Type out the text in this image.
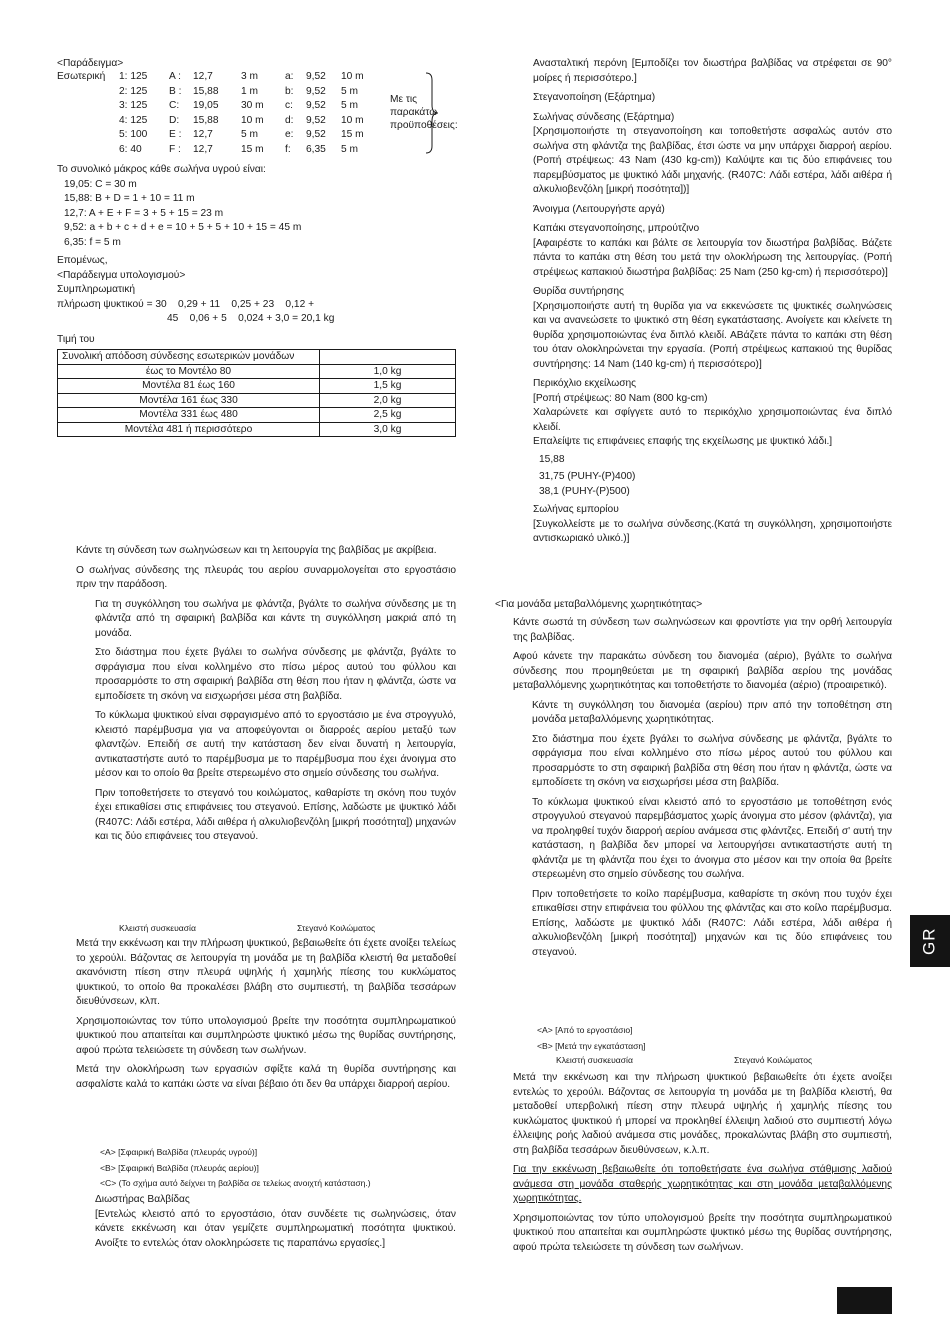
<Παράδειγμα>
Εσωτερική 1: 125 A : 12,7	3 m	a: 9,52 10 m
2: 125 B : 15,88 1 m	b: 9,52 5 m
3: 125 C: 19,05 30 m c: 9,52 5 m
4: 125 D: 15,88 10 m d: 9,52 10 m
5: 100 E : 12,7	5 m	e: 9,52 15 m
6: 40	F : 12,7	15 m f: 6,35 5 m
Με τις
παρακάτω
προϋποθέσεις:
Το συνολικό μάκρος κάθε σωλήνα υγρού είναι:
19,05: C = 30 m
15,88: B + D = 1 + 10 = 11 m
12,7: A + E + F = 3 + 5 + 15 = 23 m
9,52: a + b + c + d + e = 10 + 5 + 5 + 10 + 15 = 45 m
6,35: f = 5 m
Επομένως,
<Παράδειγμα υπολογισμού>
Συμπληρωματική
πλήρωση ψυκτικού = 30    0,29 + 11    0,25 + 23    0,12 +
45    0,06 + 5    0,024 + 3,0 = 20,1 kg
Τιμή του
Συνολική απόδοση σύνδεσης εσωτερικών μονάδων	
έως το Μοντέλο 80	1,0 kg
Μοντέλα 81 έως 160	1,5 kg
Μοντέλα 161 έως 330	2,0 kg
Μοντέλα 331 έως 480	2,5 kg
Μοντέλα 481 ή περισσότερο	3,0 kg

Κάντε τη σύνδεση των σωληνώσεων και τη λειτουργία της βαλβίδας με ακρίβεια.

Ο σωλήνας σύνδεσης της πλευράς του αερίου συναρμολογείται στο εργοστάσιο πριν την παράδοση.

Για τη συγκόλληση του σωλήνα με φλάντζα, βγάλτε το σωλήνα σύνδεσης με τη φλάντζα από τη σφαιρική βαλβίδα και κάντε τη συγκόλληση μακριά από τη μονάδα.

Στο διάστημα που έχετε βγάλει το σωλήνα σύνδεσης με φλάντζα, βγάλτε το σφράγισμα που είναι κολλημένο στο πίσω μέρος αυτού του φύλλου και προσαρμόστε το στη σφαιρική βαλβίδα στη θέση που ήταν η φλάντζα, ώστε να εμποδίσετε τη σκόνη να εισχωρήσει μέσα στη βαλβίδα.

Το κύκλωμα ψυκτικού είναι σφραγισμένο από το εργοστάσιο με ένα στρογγυλό, κλειστό παρέμβυσμα για να αποφεύγονται οι διαρροές αερίου μεταξύ των φλαντζών. Επειδή σε αυτή την κατάσταση δεν είναι δυνατή η λειτουργία, αντικαταστήστε αυτό το παρέμβυσμα με το παρέμβυσμα που έχει άνοιγμα στο μέσον και το οποίο θα βρείτε στερεωμένο στο σημείο σύνδεσης του σωλήνα.

Πριν τοποθετήσετε το στεγανό του κοιλώματος, καθαρίστε τη σκόνη που τυχόν έχει επικαθίσει στις επιφάνειες του στεγανού. Επίσης, λαδώστε με ψυκτικό λάδι (R407C: Λάδι εστέρα, λάδι αιθέρα ή αλκυλιοβενζόλη [μικρή ποσότητα]) μηχανών και τις δύο επιφάνειες του στεγανού.

Κλειστή συσκευασία	Στεγανό Κοιλώματος

Μετά την εκκένωση και την πλήρωση ψυκτικού, βεβαιωθείτε ότι έχετε ανοίξει τελείως το χερούλι. Βάζοντας σε λειτουργία τη μονάδα με τη βαλβίδα κλειστή θα μεταδοθεί ακανόνιστη πίεση στην πλευρά υψηλής ή χαμηλής πίεσης του κυκλώματος ψυκτικού, το οποίο θα προκαλέσει βλάβη στο συμπιεστή, τη βαλβίδα τεσσάρων διευθύνσεων, κλπ.

Χρησιμοποιώντας τον τύπο υπολογισμού βρείτε την ποσότητα συμπληρωματικού ψυκτικού που απαιτείται και συμπληρώστε ψυκτικό μέσω της θυρίδας συντήρησης, αφού πρώτα τελειώσετε τη σύνδεση των σωλήνων.

Μετά την ολοκλήρωση των εργασιών σφίξτε καλά τη θυρίδα συντήρησης και ασφαλίστε καλά το καπάκι ώστε να είναι βέβαιο ότι δεν θα υπάρχει διαρροή αερίου.

<A> [Σφαιρική Βαλβίδα (πλευράς υγρού)]
<B> [Σφαιρική Βαλβίδα (πλευράς αερίου)]
<C> (Το σχήμα αυτό δείχνει τη βαλβίδα σε τελείως ανοιχτή κατάσταση.)
Διωστήρας Βαλβίδας

[Εντελώς κλειστό από το εργοστάσιο, όταν συνδέετε τις σωληνώσεις, όταν κάνετε εκκένωση και όταν γεμίζετε συμπληρωματική ποσότητα ψυκτικού. Ανοίξτε το εντελώς όταν ολοκληρώσετε τις παραπάνω εργασίες.]

Ανασταλτική περόνη [Εμποδίζει τον διωστήρα βαλβίδας να στρέφεται σε 90° μοίρες ή περισσότερο.]

Στεγανοποίηση (Εξάρτημα)
Σωλήνας σύνδεσης (Εξάρτημα)

[Χρησιμοποιήστε τη στεγανοποίηση και τοποθετήστε ασφαλώς αυτόν στο σωλήνα στη φλάντζα της βαλβίδας, έτσι ώστε να μην υπάρχει διαρροή αερίου. (Ροπή στρέψεως: 43 Nam (430 kg-cm)) Καλύψτε και τις δύο επιφάνειες του παρεμβύσματος με ψυκτικό λάδι μηχανής. (R407C: Λάδι εστέρα, λάδι αιθέρα ή αλκυλιοβενζόλη [μικρή ποσότητα])]

Άνοιγμα (Λειτουργήστε αργά)
Καπάκι στεγανοποίησης, μπρούτζινο

[Αφαιρέστε το καπάκι και βάλτε σε λειτουργία τον διωστήρα βαλβίδας. Βάζετε πάντα το καπάκι στη θέση του μετά την ολοκλήρωση της λειτουργίας. (Ροπή στρέψεως καπακιού διωστήρα βαλβίδας: 25 Nam (250 kg-cm) ή περισσότερο)]

Θυρίδα συντήρησης

[Χρησιμοποιήστε αυτή τη θυρίδα για να εκκενώσετε τις ψυκτικές σωληνώσεις και να ανανεώσετε το ψυκτικό στη θέση εγκατάστασης. Ανοίγετε και κλείνετε τη θυρίδα χρησιμοποιώντας ένα διπλό κλειδί. ΑΒάζετε πάντα το καπάκι στη θέση του όταν ολοκληρώνεται την εργασία. (Ροπή στρέψεως καπακιού της θυρίδας συντήρησης: 14 Nam (140 kg-cm) ή περισσότερο)]

Περικόχλιο εκχείλωσης
[Ροπή στρέψεως: 80 Nam (800 kg-cm)

Χαλαρώνετε και σφίγγετε αυτό το περικόχλιο χρησιμοποιώντας ένα διπλό κλειδί.

Επαλείψτε τις επιφάνειες επαφής της εκχείλωσης με ψυκτικό λάδι.]
15,88
31,75 (PUHY-(P)400)
38,1 (PUHY-(P)500)
Σωλήνας εμπορίου

[Συγκολλείστε με το σωλήνα σύνδεσης.(Κατά τη συγκόλληση, χρησιμοποιήστε αντισκωριακό υλικό.)]

<Για μονάδα μεταβαλλόμενης χωρητικότητας>

Κάντε σωστά τη σύνδεση των σωληνώσεων και φροντίστε για την ορθή λειτουργία της βαλβίδας.

Αφού κάνετε την παρακάτω σύνδεση του διανομέα (αέριο), βγάλτε το σωλήνα σύνδεσης που προμηθεύεται με τη σφαιρική βαλβίδα αερίου της μονάδας μεταβαλλόμενης χωρητικότητας και τοποθετήστε το διανομέα (αέριο) (προαιρετικό).

Κάντε τη συγκόλληση του διανομέα (αερίου) πριν από την τοποθέτηση στη μονάδα μεταβαλλόμενης χωρητικότητας.

Στο διάστημα που έχετε βγάλει το σωλήνα σύνδεσης με φλάντζα, βγάλτε το σφράγισμα που είναι κολλημένο στο πίσω μέρος αυτού του φύλλου και προσαρμόστε το στη σφαιρική βαλβίδα στη θέση που ήταν η φλάντζα, ώστε να εμποδίσετε τη σκόνη να εισχωρήσει μέσα στη βαλβίδα.

Το κύκλωμα ψυκτικού είναι κλειστό από το εργοστάσιο με τοποθέτηση ενός στρογγυλού στεγανού παρεμβάσματος χωρίς άνοιγμα στο μέσον (φλάντζα), για να προληφθεί τυχόν διαρροή αερίου ανάμεσα στις φλάντζες. Επειδή σ' αυτή την κατάσταση, η βαλβίδα δεν μπορεί να λειτουργήσει αντικαταστήστε αυτή τη φλάντζα με τη φλάντζα που έχει το άνοιγμα στο μέσον και την οποία θα βρείτε στερεωμένη στο σημείο σύνδεσης του σωλήνα.

Πριν τοποθετήσετε το κοίλο παρέμβυσμα, καθαρίστε τη σκόνη που τυχόν έχει επικαθίσει στην επιφάνεια του φύλλου της φλάντζας και στο κοίλο παρέμβυσμα. Επίσης, λαδώστε με ψυκτικό λάδι (R407C: Λάδι εστέρα, λάδι αιθέρα ή αλκυλιοβενζόλη [μικρή ποσότητα]) μηχανών και τις δύο επιφάνειες του στεγανού.

<A> [Από το εργοστάσιο]
<B> [Μετά την εγκατάσταση]
Κλειστή συσκευασία	Στεγανό Κοιλώματος

Μετά την εκκένωση και την πλήρωση ψυκτικού βεβαιωθείτε ότι έχετε ανοίξει εντελώς το χερούλι. Βάζοντας σε λειτουργία τη μονάδα με τη βαλβίδα κλειστή, θα μεταδοθεί υπερβολική πίεση στην πλευρά υψηλής ή χαμηλής πίεσης του κυκλώματος ψυκτικού ή μπορεί να προκληθεί έλλειψη λαδιού στο συμπιεστή λόγω έλλειψης ροής λαδιού ανάμεσα στις μονάδες, προκαλώντας βλάβη στο συμπιεστή, στη βαλβίδα τεσσάρων διευθύνσεων, κ.λ.π.

Για την εκκένωση βεβαιωθείτε ότι τοποθετήσατε ένα σωλήνα στάθμισης λαδιού ανάμεσα στη μονάδα σταθερής χωρητικότητας και στη μονάδα μεταβαλλόμενης χωρητικότητας.

Χρησιμοποιώντας τον τύπο υπολογισμού βρείτε την ποσότητα συμπληρωματικού ψυκτικού που απαιτείται και συμπληρώστε ψυκτικό μέσω της θυρίδας συντήρησης, αφού πρώτα τελειώσετε τη σύνδεση των σωλήνων.

GR
